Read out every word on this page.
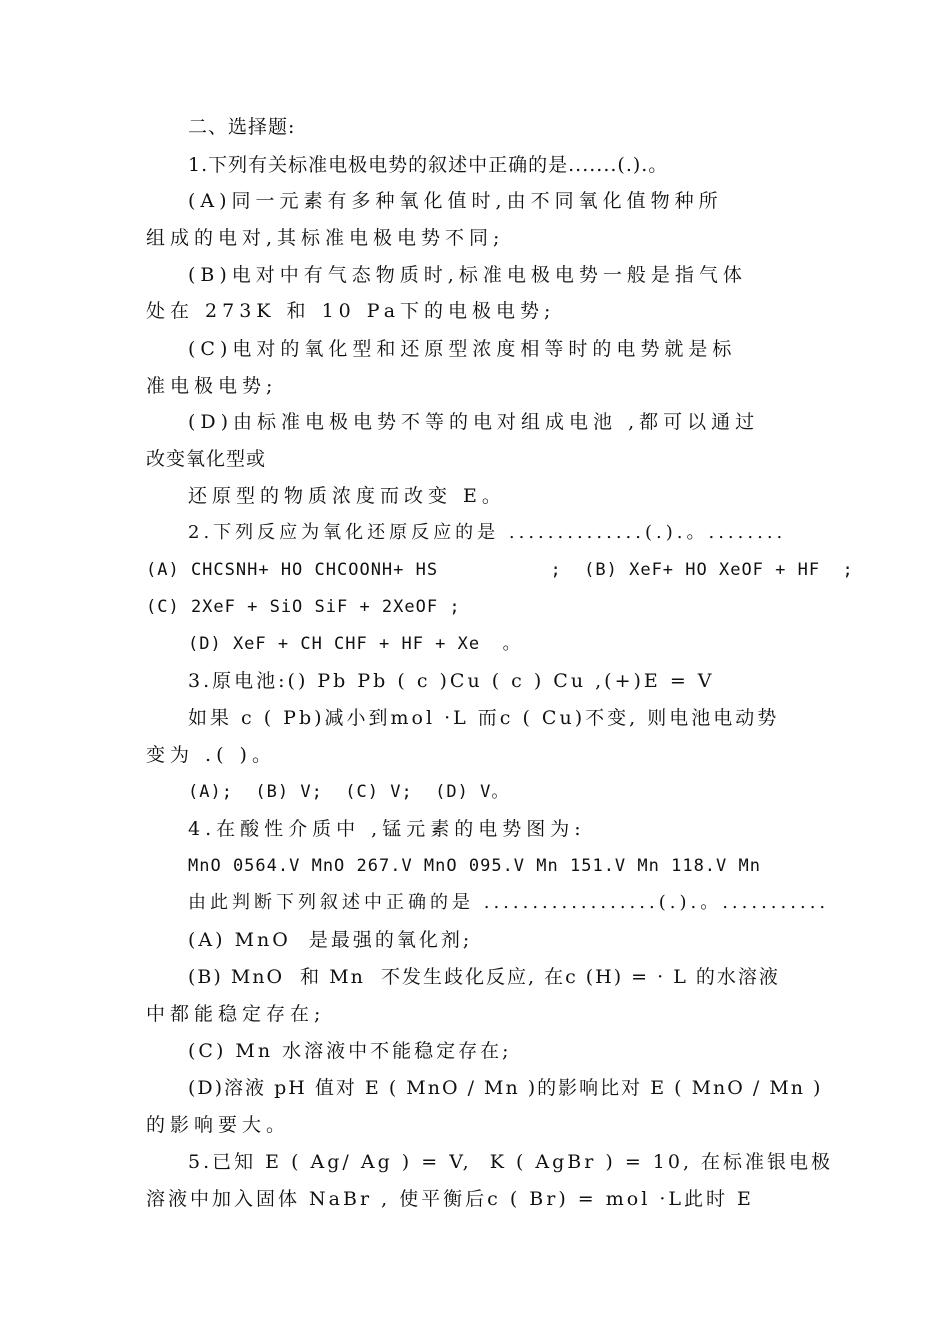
二、选择题:
1.下列有关标准电极电势的叙述中正确的是.......(.).。
(A)同一元素有多种氧化值时,由不同氧化值物种所
组成的电对,其标准电极电势不同;
(B)电对中有气态物质时,标准电极电势一般是指气体
处在 273K 和 10 Pa下的电极电势;
(C)电对的氧化型和还原型浓度相等时的电势就是标
准电极电势;
(D)由标准电极电势不等的电对组成电池 ,都可以通过
改变氧化型或
还原型的物质浓度而改变 E。
2.下列反应为氧化还原反应的是 ..............(.).。........
(A) CHCSNH+ HO CHCOONH+ HS          ;  (B) XeF+ HO XeOF + HF  ;
(C) 2XeF + SiO SiF + 2XeOF ;
(D) XeF + CH CHF + HF + Xe  。
3.原电池:() Pb Pb ( c )Cu ( c ) Cu ,(+)E = V
如果 c ( Pb)减小到mol ·L 而c ( Cu)不变, 则电池电动势
变为 .( )。
(A);  (B) V;  (C) V;  (D) V。
4.在酸性介质中 ,锰元素的电势图为:
MnO 0564.V MnO 267.V MnO 095.V Mn 151.V Mn 118.V Mn
由此判断下列叙述中正确的是 ..................(.).。...........
(A) MnO  是最强的氧化剂;
(B) MnO  和 Mn  不发生歧化反应, 在c (H) = · L 的水溶液
中都能稳定存在;
(C) Mn 水溶液中不能稳定存在;
(D)溶液 pH 值对 E ( MnO / Mn )的影响比对 E ( MnO / Mn )
的影响要大。
5.已知 E ( Ag/ Ag ) = V,  K ( AgBr ) = 10, 在标准银电极
溶液中加入固体 NaBr , 使平衡后c ( Br) = mol ·L此时 E
